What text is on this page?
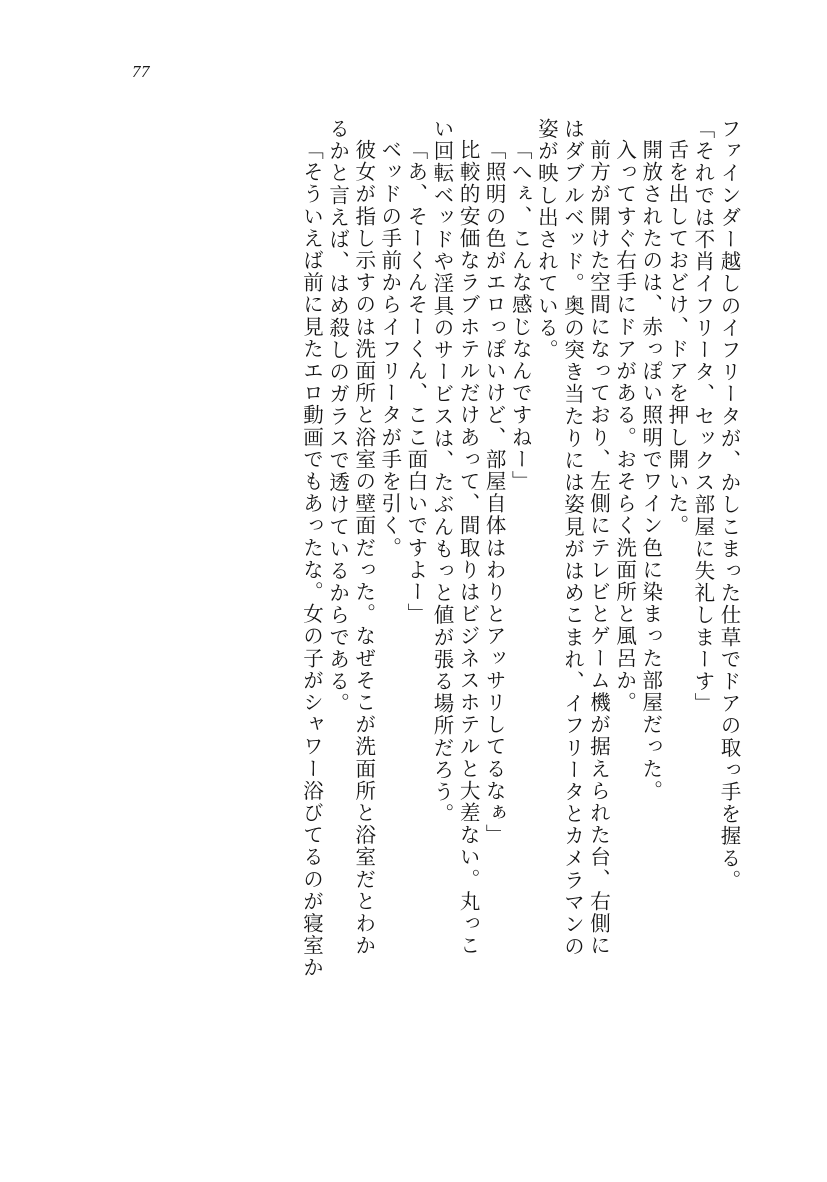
77
ファインダー越しのイフリータが、かしこまった仕草でドアの取っ手を握る。
「それでは不肖イフリータ、セックス部屋に失礼しまーす」
舌を出しておどけ、ドアを押し開いた。
開放されたのは、赤っぽい照明でワイン色に染まった部屋だった。
入ってすぐ右手にドアがある。おそらく洗面所と風呂か。
前方が開けた空間になっており、左側にテレビとゲーム機が据えられた台、右側に
はダブルベッド。奥の突き当たりには姿見がはめこまれ、イフリータとカメラマンの
姿が映し出されている。
「へぇ、こんな感じなんですねー」
「照明の色がエロっぽいけど、部屋自体はわりとアッサリしてるなぁ」
比較的安価なラブホテルだけあって、間取りはビジネスホテルと大差ない。丸っこ
い回転ベッドや淫具のサービスは、たぶんもっと値が張る場所だろう。
「あ、そーくんそーくん、ここ面白いですよー」
ベッドの手前からイフリータが手を引く。
彼女が指し示すのは洗面所と浴室の壁面だった。なぜそこが洗面所と浴室だとわか
るかと言えば、はめ殺しのガラスで透けているからである。
「そういえば前に見たエロ動画でもあったな。女の子がシャワー浴びてるのが寝室か
